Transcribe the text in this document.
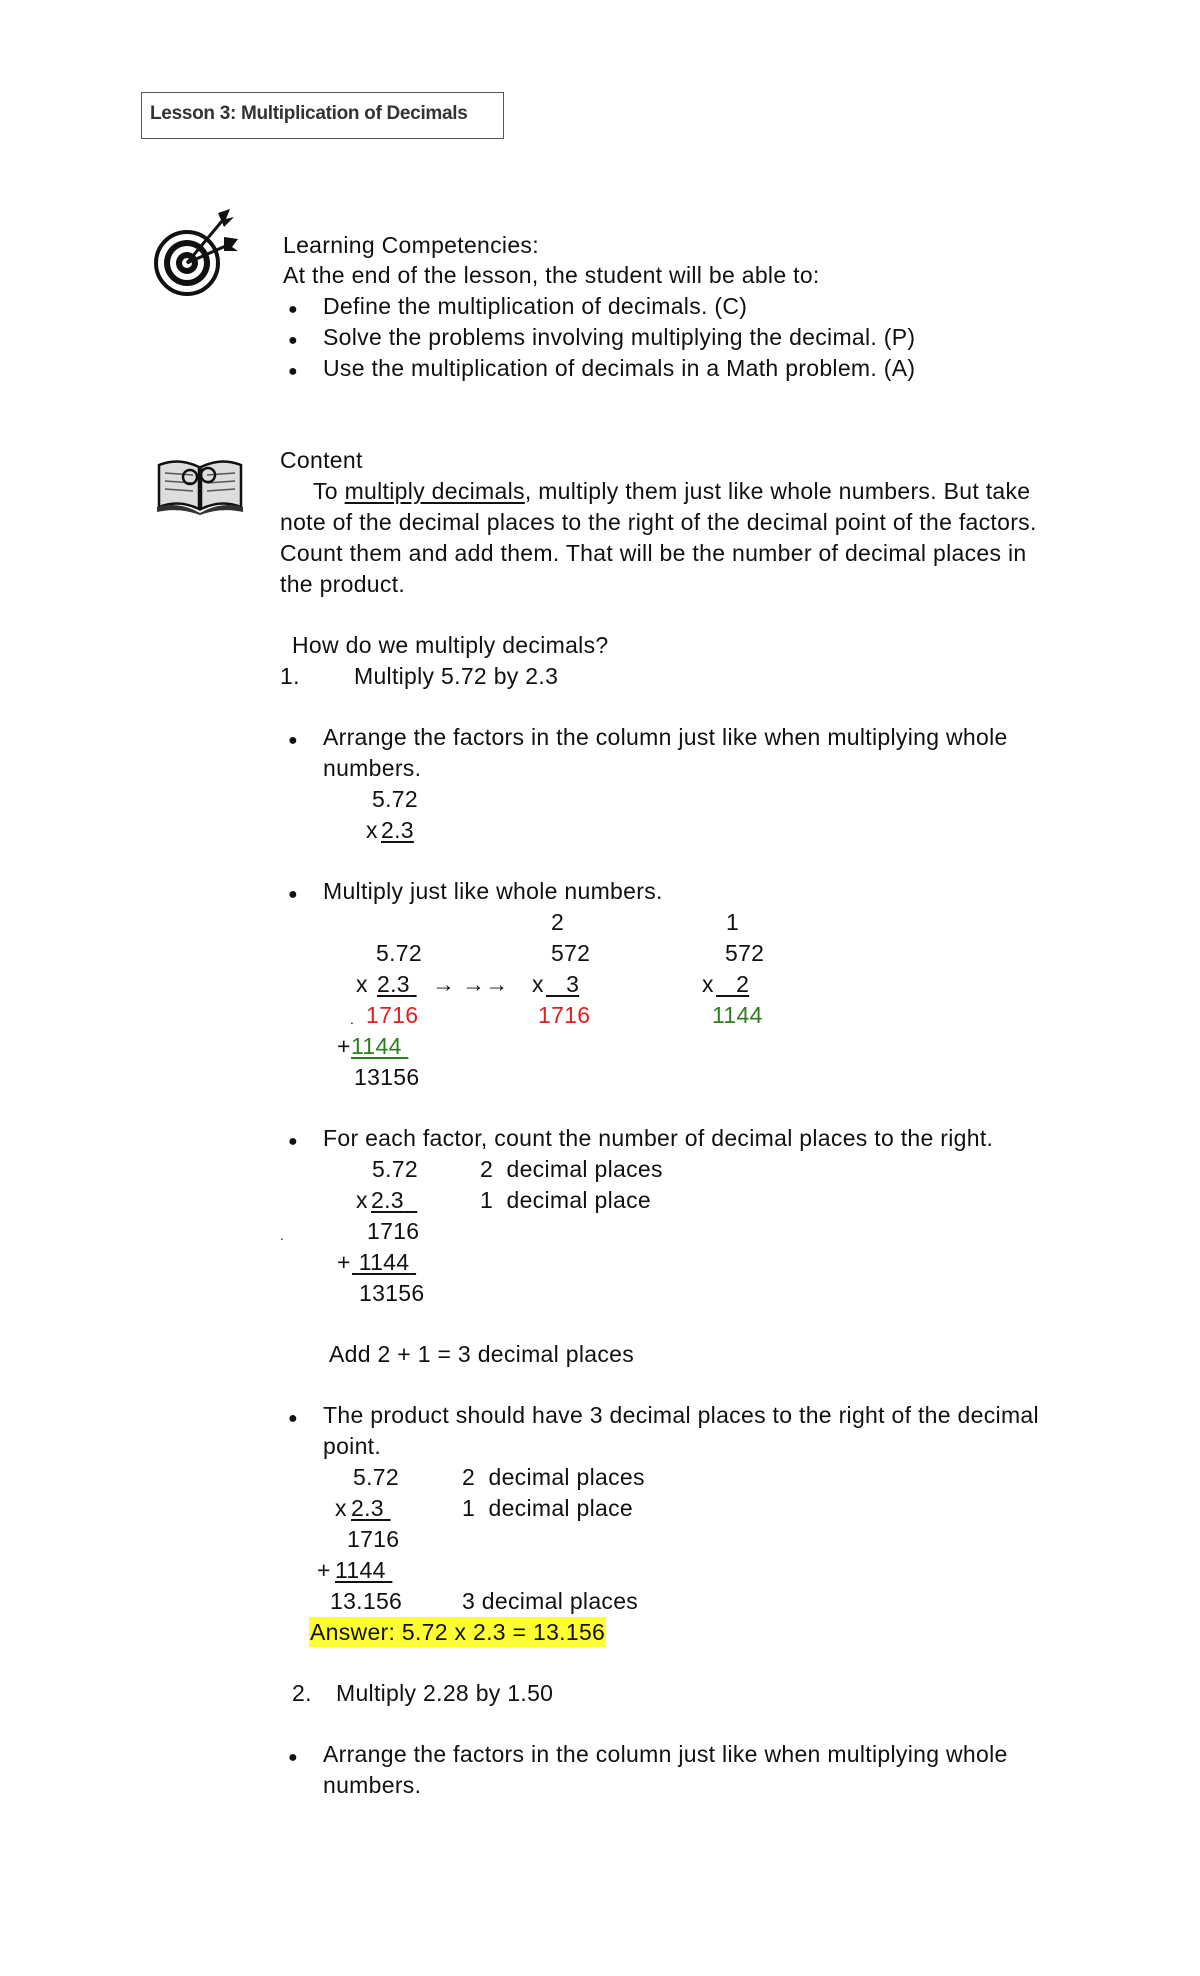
Lesson 3: Multiplication of Decimals
Learning Competencies:
At the end of the lesson, the student will be able to:
● Define the multiplication of decimals. (C)
● Solve the problems involving multiplying the decimal. (P)
● Use the multiplication of decimals in a Math problem. (A)
Content
To multiply decimals, multiply them just like whole numbers. But take
note of the decimal places to the right of the decimal point of the factors.
Count them and add them. That will be the number of decimal places in
the product.
How do we multiply decimals?
1. Multiply 5.72 by 2.3
● Arrange the factors in the column just like when multiplying whole
numbers.
5.72
x 2.3
● Multiply just like whole numbers.
2	1
5.72	572	572
x 2.3 → →→ x 3	x 2
. 1716	1716	1144
+ 1144
13156
● For each factor, count the number of decimal places to the right.
5.72	2  decimal places
x 2.3	1  decimal place
.	1716
+ 1144
13156
Add 2 + 1 = 3 decimal places
● The product should have 3 decimal places to the right of the decimal
point.
5.72	2  decimal places
x 2.3	1  decimal place
1716
+ 1144
13.156	3 decimal places
Answer: 5.72 x 2.3 = 13.156
2. Multiply 2.28 by 1.50
● Arrange the factors in the column just like when multiplying whole
numbers.
